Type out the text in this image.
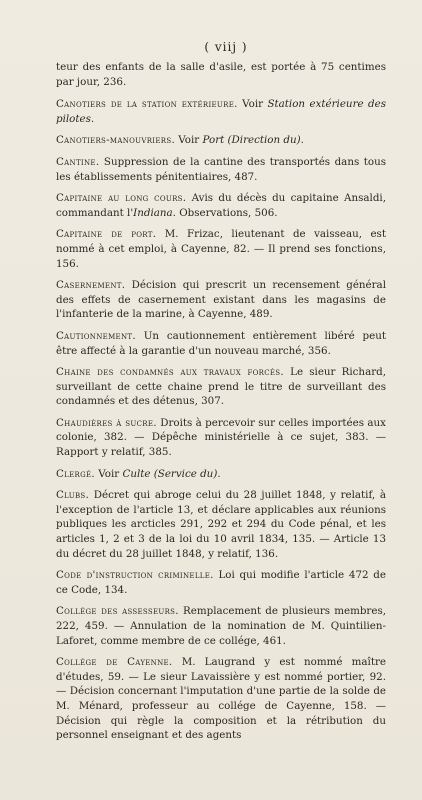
( viij )

teur des enfants de la salle d'asile, est portée à 75 centimes par jour, 236.

Canotiers de la station extérieure. Voir Station extérieure des pilotes.

Canotiers-manouvriers. Voir Port (Direction du).

Cantine. Suppression de la cantine des transportés dans tous les établissements pénitentiaires, 487.

Capitaine au long cours. Avis du décès du capitaine Ansaldi, commandant l'Indiana. Observations, 506.

Capitaine de port. M. Frizac, lieutenant de vaisseau, est nommé à cet emploi, à Cayenne, 82. — Il prend ses fonctions, 156.

Casernement. Décision qui prescrit un recensement général des effets de casernement existant dans les magasins de l'infanterie de la marine, à Cayenne, 489.

Cautionnement. Un cautionnement entièrement libéré peut être affecté à la garantie d'un nouveau marché, 356.

Chaine des condamnés aux travaux forcés. Le sieur Richard, surveillant de cette chaine prend le titre de surveillant des condamnés et des détenus, 307.

Chaudières à sucre. Droits à percevoir sur celles importées aux colonie, 382. — Dépêche ministérielle à ce sujet, 383. — Rapport y relatif, 385.

Clergé. Voir Culte (Service du).

Clubs. Décret qui abroge celui du 28 juillet 1848, y relatif, à l'exception de l'article 13, et déclare applicables aux réunions publiques les arcticles 291, 292 et 294 du Code pénal, et les articles 1, 2 et 3 de la loi du 10 avril 1834, 135. — Article 13 du décret du 28 juillet 1848, y relatif, 136.

Code d'instruction criminelle. Loi qui modifie l'article 472 de ce Code, 134.

Collége des assesseurs. Remplacement de plusieurs membres, 222, 459. — Annulation de la nomination de M. Quintilien-Laforet, comme membre de ce collége, 461.

Collége de Cayenne. M. Laugrand y est nommé maître d'études, 59. — Le sieur Lavaissière y est nommé portier, 92. — Décision concernant l'imputation d'une partie de la solde de M. Ménard, professeur au collége de Cayenne, 158. — Décision qui règle la composition et la rétribution du personnel enseignant et des agents
